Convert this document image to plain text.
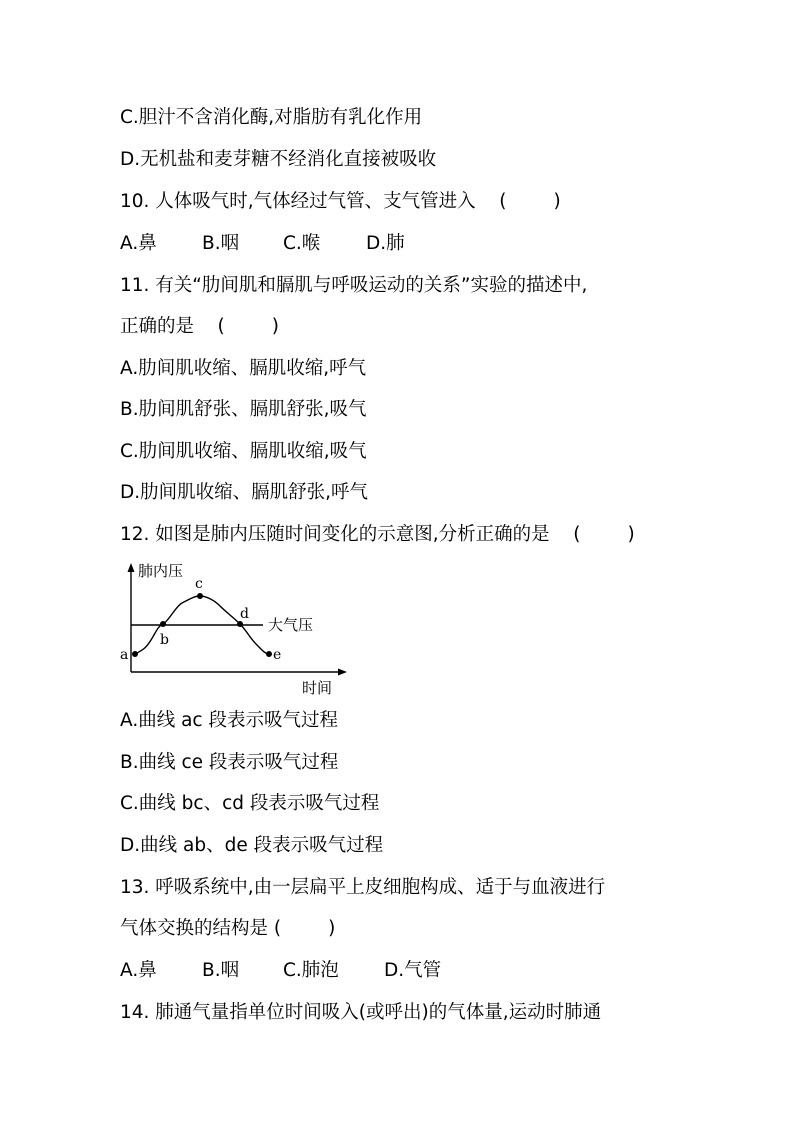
C.胆汁不含消化酶,对脂肪有乳化作用
D.无机盐和麦芽糖不经消化直接被吸收
10. 人体吸气时,气体经过气管、支气管进入    (        )
A.鼻	B.咽	C.喉	D.肺
11. 有关“肋间肌和膈肌与呼吸运动的关系”实验的描述中,
正确的是    (        )
A.肋间肌收缩、膈肌收缩,呼气
B.肋间肌舒张、膈肌舒张,吸气
C.肋间肌收缩、膈肌收缩,吸气
D.肋间肌收缩、膈肌舒张,呼气
12. 如图是肺内压随时间变化的示意图,分析正确的是    (        )
肺内压
时间
大气压
a
b
c
d
e
A.曲线 ac 段表示吸气过程
B.曲线 ce 段表示吸气过程
C.曲线 bc、cd 段表示吸气过程
D.曲线 ab、de 段表示吸气过程
13. 呼吸系统中,由一层扁平上皮细胞构成、适于与血液进行
气体交换的结构是 (        )
A.鼻	B.咽	C.肺泡	D.气管
14. 肺通气量指单位时间吸入(或呼出)的气体量,运动时肺通
